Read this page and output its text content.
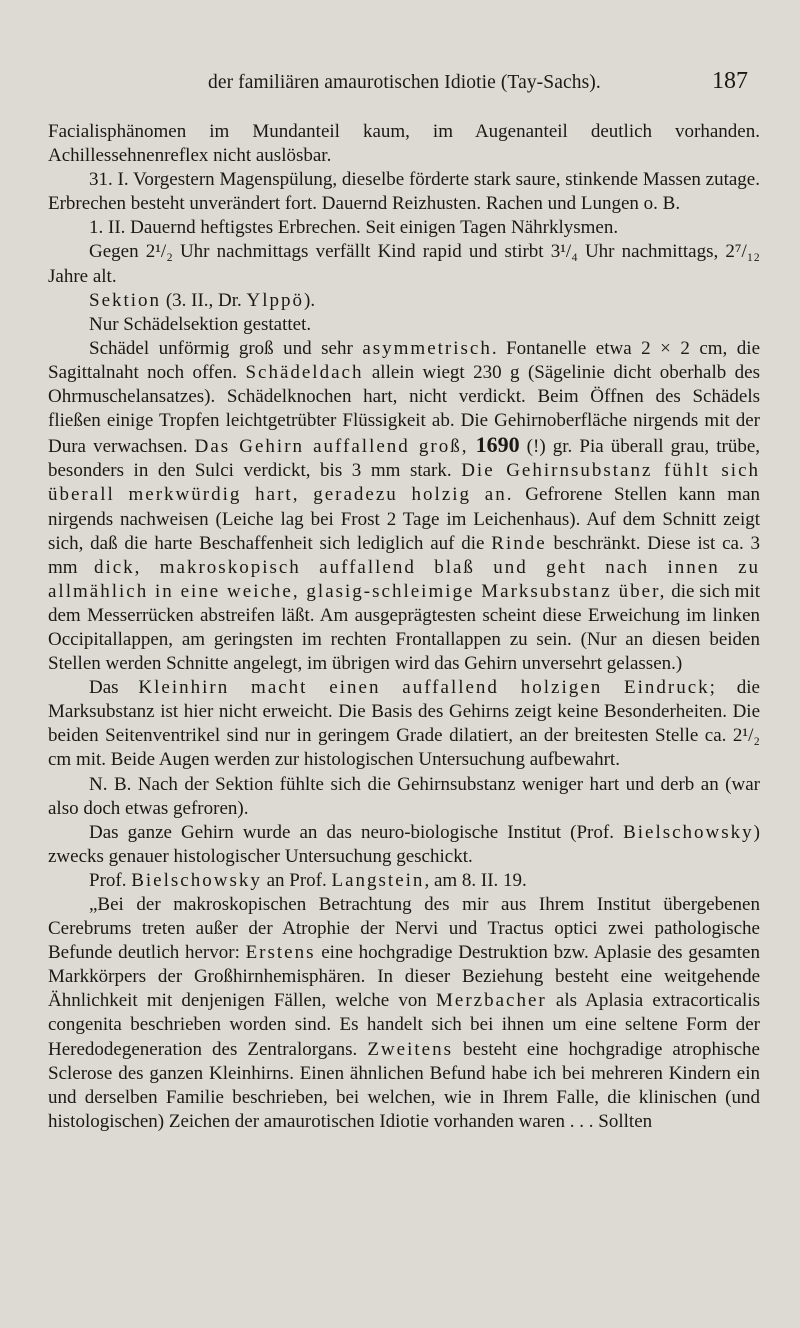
der familiären amaurotischen Idiotie (Tay-Sachs).	187

Facialisphänomen im Mundanteil kaum, im Augenanteil deutlich vorhanden. Achillessehnenreflex nicht auslösbar.

31. I. Vorgestern Magenspülung, dieselbe förderte stark saure, stinkende Massen zutage. Erbrechen besteht unverändert fort. Dauernd Reizhusten. Rachen und Lungen o. B.

1. II. Dauernd heftigstes Erbrechen. Seit einigen Tagen Nährklysmen.

Gegen 2¹/₂ Uhr nachmittags verfällt Kind rapid und stirbt 3¹/₄ Uhr nachmittags, 2⁷/₁₂ Jahre alt.

Sektion (3. II., Dr. Ylppö).

Nur Schädelsektion gestattet.

Schädel unförmig groß und sehr asymmetrisch. Fontanelle etwa 2 × 2 cm, die Sagittalnaht noch offen. Schädeldach allein wiegt 230 g (Sägelinie dicht oberhalb des Ohrmuschelansatzes). Schädelknochen hart, nicht verdickt. Beim Öffnen des Schädels fließen einige Tropfen leichtgetrübter Flüssigkeit ab. Die Gehirnoberfläche nirgends mit der Dura verwachsen. Das Gehirn auffallend groß, 1690 (!) gr. Pia überall grau, trübe, besonders in den Sulci verdickt, bis 3 mm stark. Die Gehirnsubstanz fühlt sich überall merkwürdig hart, geradezu holzig an. Gefrorene Stellen kann man nirgends nachweisen (Leiche lag bei Frost 2 Tage im Leichenhaus). Auf dem Schnitt zeigt sich, daß die harte Beschaffenheit sich lediglich auf die Rinde beschränkt. Diese ist ca. 3 mm dick, makroskopisch auffallend blaß und geht nach innen zu allmählich in eine weiche, glasig-schleimige Marksubstanz über, die sich mit dem Messerrücken abstreifen läßt. Am ausgeprägtesten scheint diese Erweichung im linken Occipitallappen, am geringsten im rechten Frontallappen zu sein. (Nur an diesen beiden Stellen werden Schnitte angelegt, im übrigen wird das Gehirn unversehrt gelassen.)

Das Kleinhirn macht einen auffallend holzigen Eindruck; die Marksubstanz ist hier nicht erweicht. Die Basis des Gehirns zeigt keine Besonderheiten. Die beiden Seitenventrikel sind nur in geringem Grade dilatiert, an der breitesten Stelle ca. 2¹/₂ cm mit. Beide Augen werden zur histologischen Untersuchung aufbewahrt.

N. B. Nach der Sektion fühlte sich die Gehirnsubstanz weniger hart und derb an (war also doch etwas gefroren).

Das ganze Gehirn wurde an das neuro-biologische Institut (Prof. Bielschowsky) zwecks genauer histologischer Untersuchung geschickt.

Prof. Bielschowsky an Prof. Langstein, am 8. II. 19.

„Bei der makroskopischen Betrachtung des mir aus Ihrem Institut übergebenen Cerebrums treten außer der Atrophie der Nervi und Tractus optici zwei pathologische Befunde deutlich hervor: Erstens eine hochgradige Destruktion bzw. Aplasie des gesamten Markkörpers der Großhirnhemisphären. In dieser Beziehung besteht eine weitgehende Ähnlichkeit mit denjenigen Fällen, welche von Merzbacher als Aplasia extracorticalis congenita beschrieben worden sind. Es handelt sich bei ihnen um eine seltene Form der Heredodegeneration des Zentralorgans. Zweitens besteht eine hochgradige atrophische Sclerose des ganzen Kleinhirns. Einen ähnlichen Befund habe ich bei mehreren Kindern ein und derselben Familie beschrieben, bei welchen, wie in Ihrem Falle, die klinischen (und histologischen) Zeichen der amaurotischen Idiotie vorhanden waren . . . Sollten
